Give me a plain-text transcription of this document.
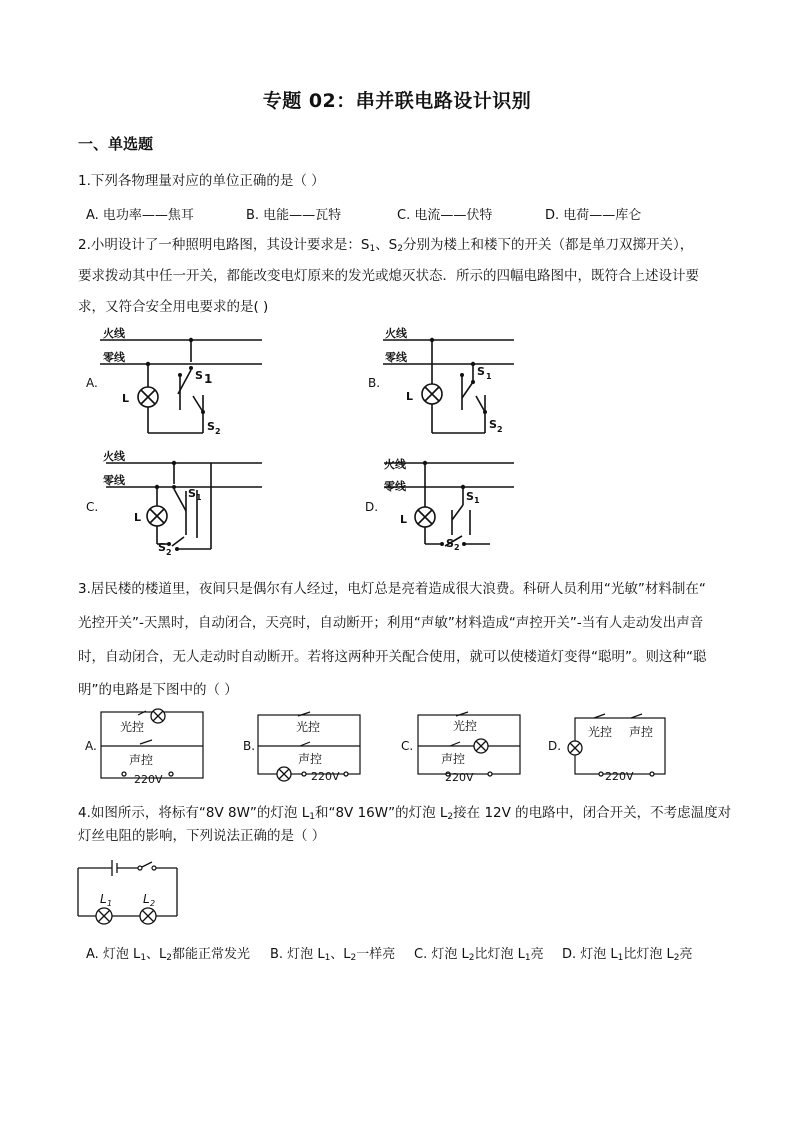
专题 02：串并联电路设计识别
一、单选题
1.下列各物理量对应的单位正确的是（ ）
A. 电功率——焦耳	B. 电能——瓦特	C. 电流——伏特	D. 电荷——库仑
2.小明设计了一种照明电路图，其设计要求是：$S_1$、$S_2$分别为楼上和楼下的开关（都是单刀双掷开关），
要求拨动其中任一开关，都能改变电灯原来的发光或熄灭状态．所示的四幅电路图中，既符合上述设计要
求，又符合安全用电要求的是( )
火线
零线
L
S 1
S 2
火线
零线
L
S 1
S 2
火线
零线
L
S 1
S 2
火线
零线
L
S 1
S 2
A.	B.
C.	D.
3.居民楼的楼道里，夜间只是偶尔有人经过，电灯总是亮着造成很大浪费。科研人员利用“光敏”材料制在“
光控开关”-天黑时，自动闭合，天亮时，自动断开；利用“声敏”材料造成“声控开关”-当有人走动发出声音
时，自动闭合，无人走动时自动断开。若将这两种开关配合使用，就可以使楼道灯变得“聪明”。则这种“聪
明”的电路是下图中的（ ）
光控
声控
220V
光控
声控
220V
光控
声控
220V
光控 声控
220V
A.	B.	C.	D.
4.如图所示，将标有“8V 8W”的灯泡 $L_1$和“8V 16W”的灯泡 $L_2$接在 12V 的电路中，闭合开关，不考虑温度对
灯丝电阻的影响，下列说法正确的是（ ）
L 1	L 2
A. 灯泡 $L_1$、$L_2$都能正常发光 B. 灯泡 $L_1$、$L_2$一样亮 C. 灯泡 $L_2$比灯泡 $L_1$亮 D. 灯泡 $L_1$比灯泡 $L_2$亮
